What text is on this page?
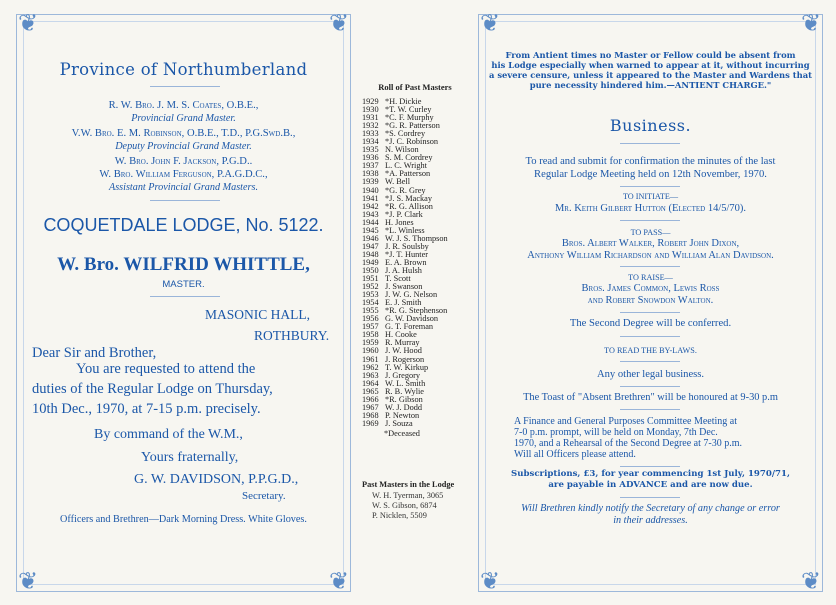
❦	❦
❦	❦
Province of Northumberland
R. W. Bro. J. M. S. Coates, O.B.E.,
Provincial Grand Master.
V.W. Bro. E. M. Robinson, O.B.E., T.D., P.G.Swd.B.,
Deputy Provincial Grand Master.
W. Bro. John F. Jackson, P.G.D..
W. Bro. William Ferguson, P.A.G.D.C.,
Assistant Provincial Grand Masters.
COQUETDALE LODGE, No. 5122.
W. Bro. WILFRID WHITTLE,
MASTER.
MASONIC HALL,
ROTHBURY.
Dear Sir and Brother,
You are requested to attend the
duties of the Regular Lodge on Thursday,
10th Dec., 1970, at 7-15 p.m. precisely.
By command of the W.M.,
Yours fraternally,
G. W. DAVIDSON, P.P.G.D.,
Secretary.
Officers and Brethren—Dark Morning Dress. White Gloves.
Roll of Past Masters
1929 *H. Dickie
1930 *T. W. Curley
1931 *C. F. Murphy
1932 *G. R. Patterson
1933 *S. Cordrey
1934 *J. C. Robinson
1935 N. Wilson
1936 S. M. Cordrey
1937 L. C. Wright
1938 *A. Patterson
1939 W. Bell
1940 *G. R. Grey
1941 *J. S. Mackay
1942 *R. G. Allison
1943 *J. P. Clark
1944 H. Jones
1945 *L. Winless
1946 W. J. S. Thompson
1947 J. R. Soulsby
1948 *J. T. Hunter
1949 E. A. Brown
1950 J. A. Hulsh
1951 T. Scott
1952 J. Swanson
1953 J. W. G. Nelson
1954 E. J. Smith
1955 *R. G. Stephenson
1956 G. W. Davidson
1957 G. T. Foreman
1958 H. Cooke
1959 R. Murray
1960 J. W. Hood
1961 J. Rogerson
1962 T. W. Kirkup
1963 J. Gregory
1964 W. L. Smith
1965 R. B. Wylie
1966 *R. Gibson
1967 W. J. Dodd
1968 P. Newton
1969 J. Souza
*Deceased
Past Masters in the Lodge
W. H. Tyerman, 3065
W. S. Gibson, 6874
P. Nicklen, 5509
❦	❦
❦	❦
From Antient times no Master or Fellow could be absent from
his Lodge especially when warned to appear at it, without incurring
a severe censure, unless it appeared to the Master and Wardens that
pure necessity hindered him.—ANTIENT CHARGE."
Business.
To read and submit for confirmation the minutes of the last
Regular Lodge Meeting held on 12th November, 1970.
TO INITIATE—
Mr. Keith Gilbert Hutton (Elected 14/5/70).
TO PASS—
Bros. Albert Walker, Robert John Dixon,
Anthony William Richardson and William Alan Davidson.
TO RAISE—
Bros. James Common, Lewis Ross
and Robert Snowdon Walton.
The Second Degree will be conferred.
TO READ THE BY-LAWS.
Any other legal business.
The Toast of "Absent Brethren" will be honoured at 9-30 p.m
A Finance and General Purposes Committee Meeting at
7-0 p.m. prompt, will be held on Monday, 7th Dec.
1970, and a Rehearsal of the Second Degree at 7-30 p.m.
Will all Officers please attend.
Subscriptions, £3, for year commencing 1st July, 1970/71,
are payable in ADVANCE and are now due.
Will Brethren kindly notify the Secretary of any change or error
in their addresses.
